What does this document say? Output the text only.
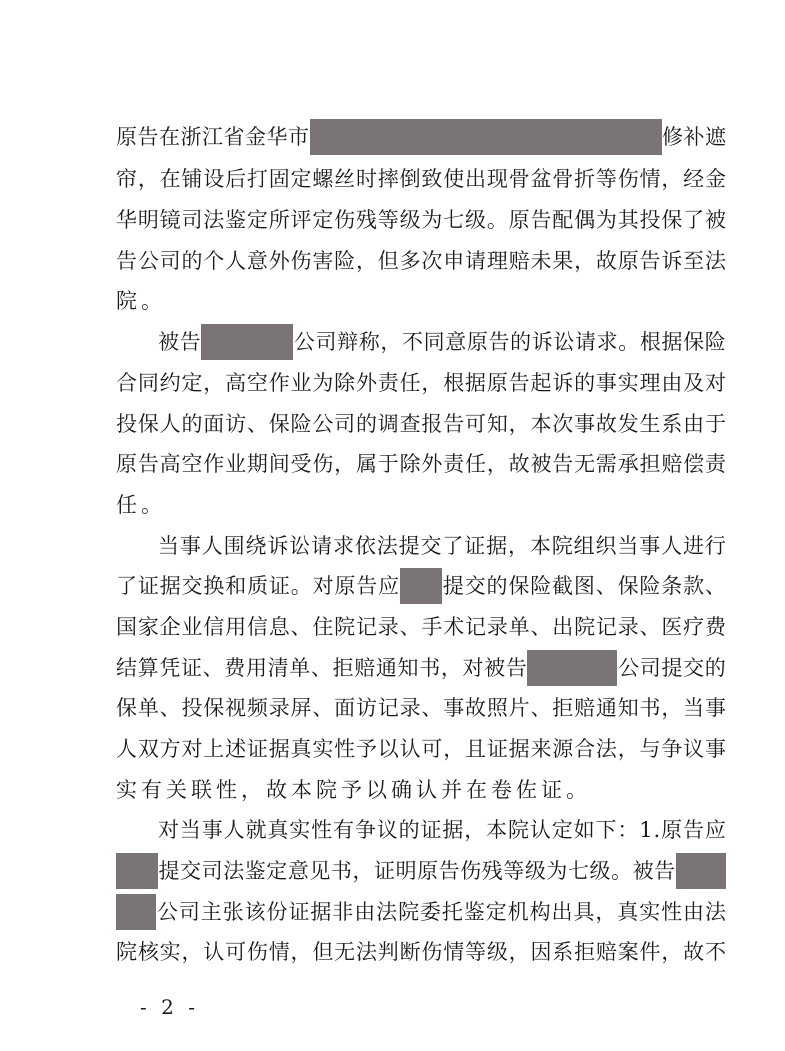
原 告 在 浙 江 省 金 华 市	修 补 遮
帘 ， 在 铺 设 后 打 固 定 螺 丝 时 摔 倒 致 使 出 现 骨 盆 骨 折 等 伤 情 ， 经 金
华 明 镜 司 法 鉴 定 所 评 定 伤 残 等 级 为 七 级 。 原 告 配 偶 为 其 投 保 了 被
告 公 司 的 个 人 意 外 伤 害 险 ， 但 多 次 申 请 理 赔 未 果 ， 故 原 告 诉 至 法
院。
被 告	公 司 辩 称 ， 不 同 意 原 告 的 诉 讼 请 求 。 根 据 保 险
合 同 约 定 ， 高 空 作 业 为 除 外 责 任 ， 根 据 原 告 起 诉 的 事 实 理 由 及 对
投 保 人 的 面 访 、 保 险 公 司 的 调 查 报 告 可 知 ， 本 次 事 故 发 生 系 由 于
原 告 高 空 作 业 期 间 受 伤 ， 属 于 除 外 责 任 ， 故 被 告 无 需 承 担 赔 偿 责
任。
当 事 人 围 绕 诉 讼 请 求 依 法 提 交 了 证 据 ， 本 院 组 织 当 事 人 进 行
了 证 据 交 换 和 质 证 。 对 原 告 应 提 交 的 保 险 截 图 、 保 险 条 款 、
国 家 企 业 信 用 信 息 、 住 院 记 录 、 手 术 记 录 单 、 出 院 记 录 、 医 疗 费
结 算 凭 证 、 费 用 清 单 、 拒 赔 通 知 书 ， 对 被 告	公 司 提 交 的
保 单 、 投 保 视 频 录 屏 、 面 访 记 录 、 事 故 照 片 、 拒 赔 通 知 书 ， 当 事
人 双 方 对 上 述 证 据 真 实 性 予 以 认 可 ， 且 证 据 来 源 合 法 ， 与 争 议 事
实有关联性，故本院予以确认并在卷佐证。
对 当 事 人 就 真 实 性 有 争 议 的 证 据 ， 本 院 认 定 如 下 ： 1 . 原 告 应
提 交 司 法 鉴 定 意 见 书 ， 证 明 原 告 伤 残 等 级 为 七 级 。 被 告
公 司 主 张 该 份 证 据 非 由 法 院 委 托 鉴 定 机 构 出 具 ， 真 实 性 由 法
院 核 实 ， 认 可 伤 情 ， 但 无 法 判 断 伤 情 等 级 ， 因 系 拒 赔 案 件 ， 故 不
- 2 -
